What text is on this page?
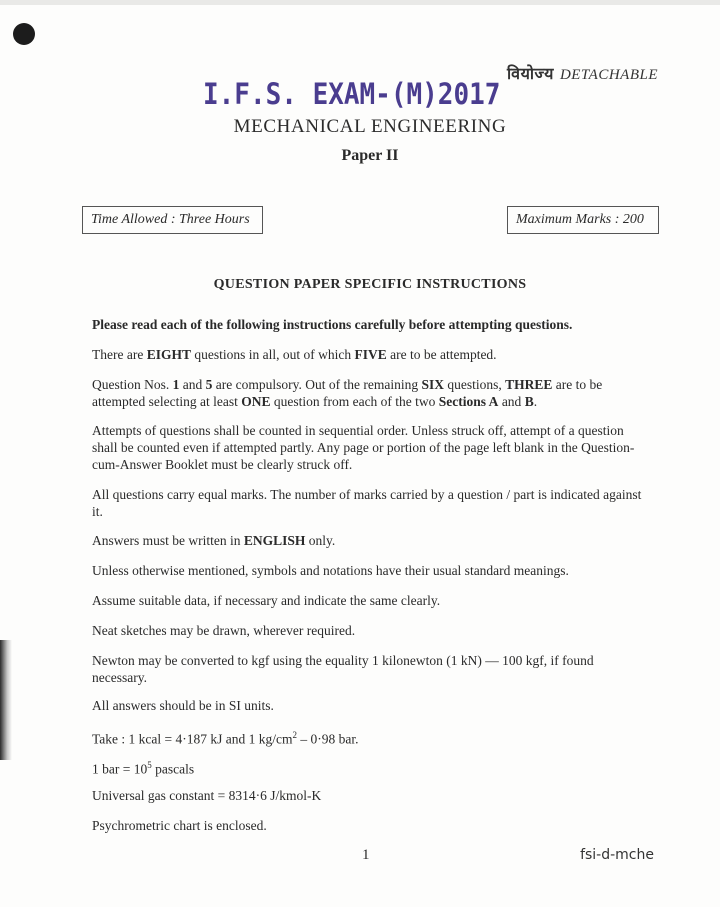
वियोज्य DETACHABLE
I.F.S. EXAM-(M)2017
MECHANICAL ENGINEERING
Paper II
Time Allowed : Three Hours	Maximum Marks : 200
QUESTION PAPER SPECIFIC INSTRUCTIONS

Please read each of the following instructions carefully before attempting questions.

There are EIGHT questions in all, out of which FIVE are to be attempted.

Question Nos. 1 and 5 are compulsory. Out of the remaining SIX questions, THREE are to be attempted selecting at least ONE question from each of the two Sections A and B.

Attempts of questions shall be counted in sequential order. Unless struck off, attempt of a question shall be counted even if attempted partly. Any page or portion of the page left blank in the Question-cum-Answer Booklet must be clearly struck off.

All questions carry equal marks. The number of marks carried by a question / part is indicated against it.

Answers must be written in ENGLISH only.

Unless otherwise mentioned, symbols and notations have their usual standard meanings.

Assume suitable data, if necessary and indicate the same clearly.

Neat sketches may be drawn, wherever required.

Newton may be converted to kgf using the equality 1 kilonewton (1 kN) — 100 kgf, if found necessary.

All answers should be in SI units.

Take : 1 kcal = 4·187 kJ and 1 $kg/cm^2 - 0\cdot 98$ bar.

1 bar = $10^5$ pascals

Universal gas constant = 8314·6 J/kmol-K

Psychrometric chart is enclosed.

1	fsi-d-mche
